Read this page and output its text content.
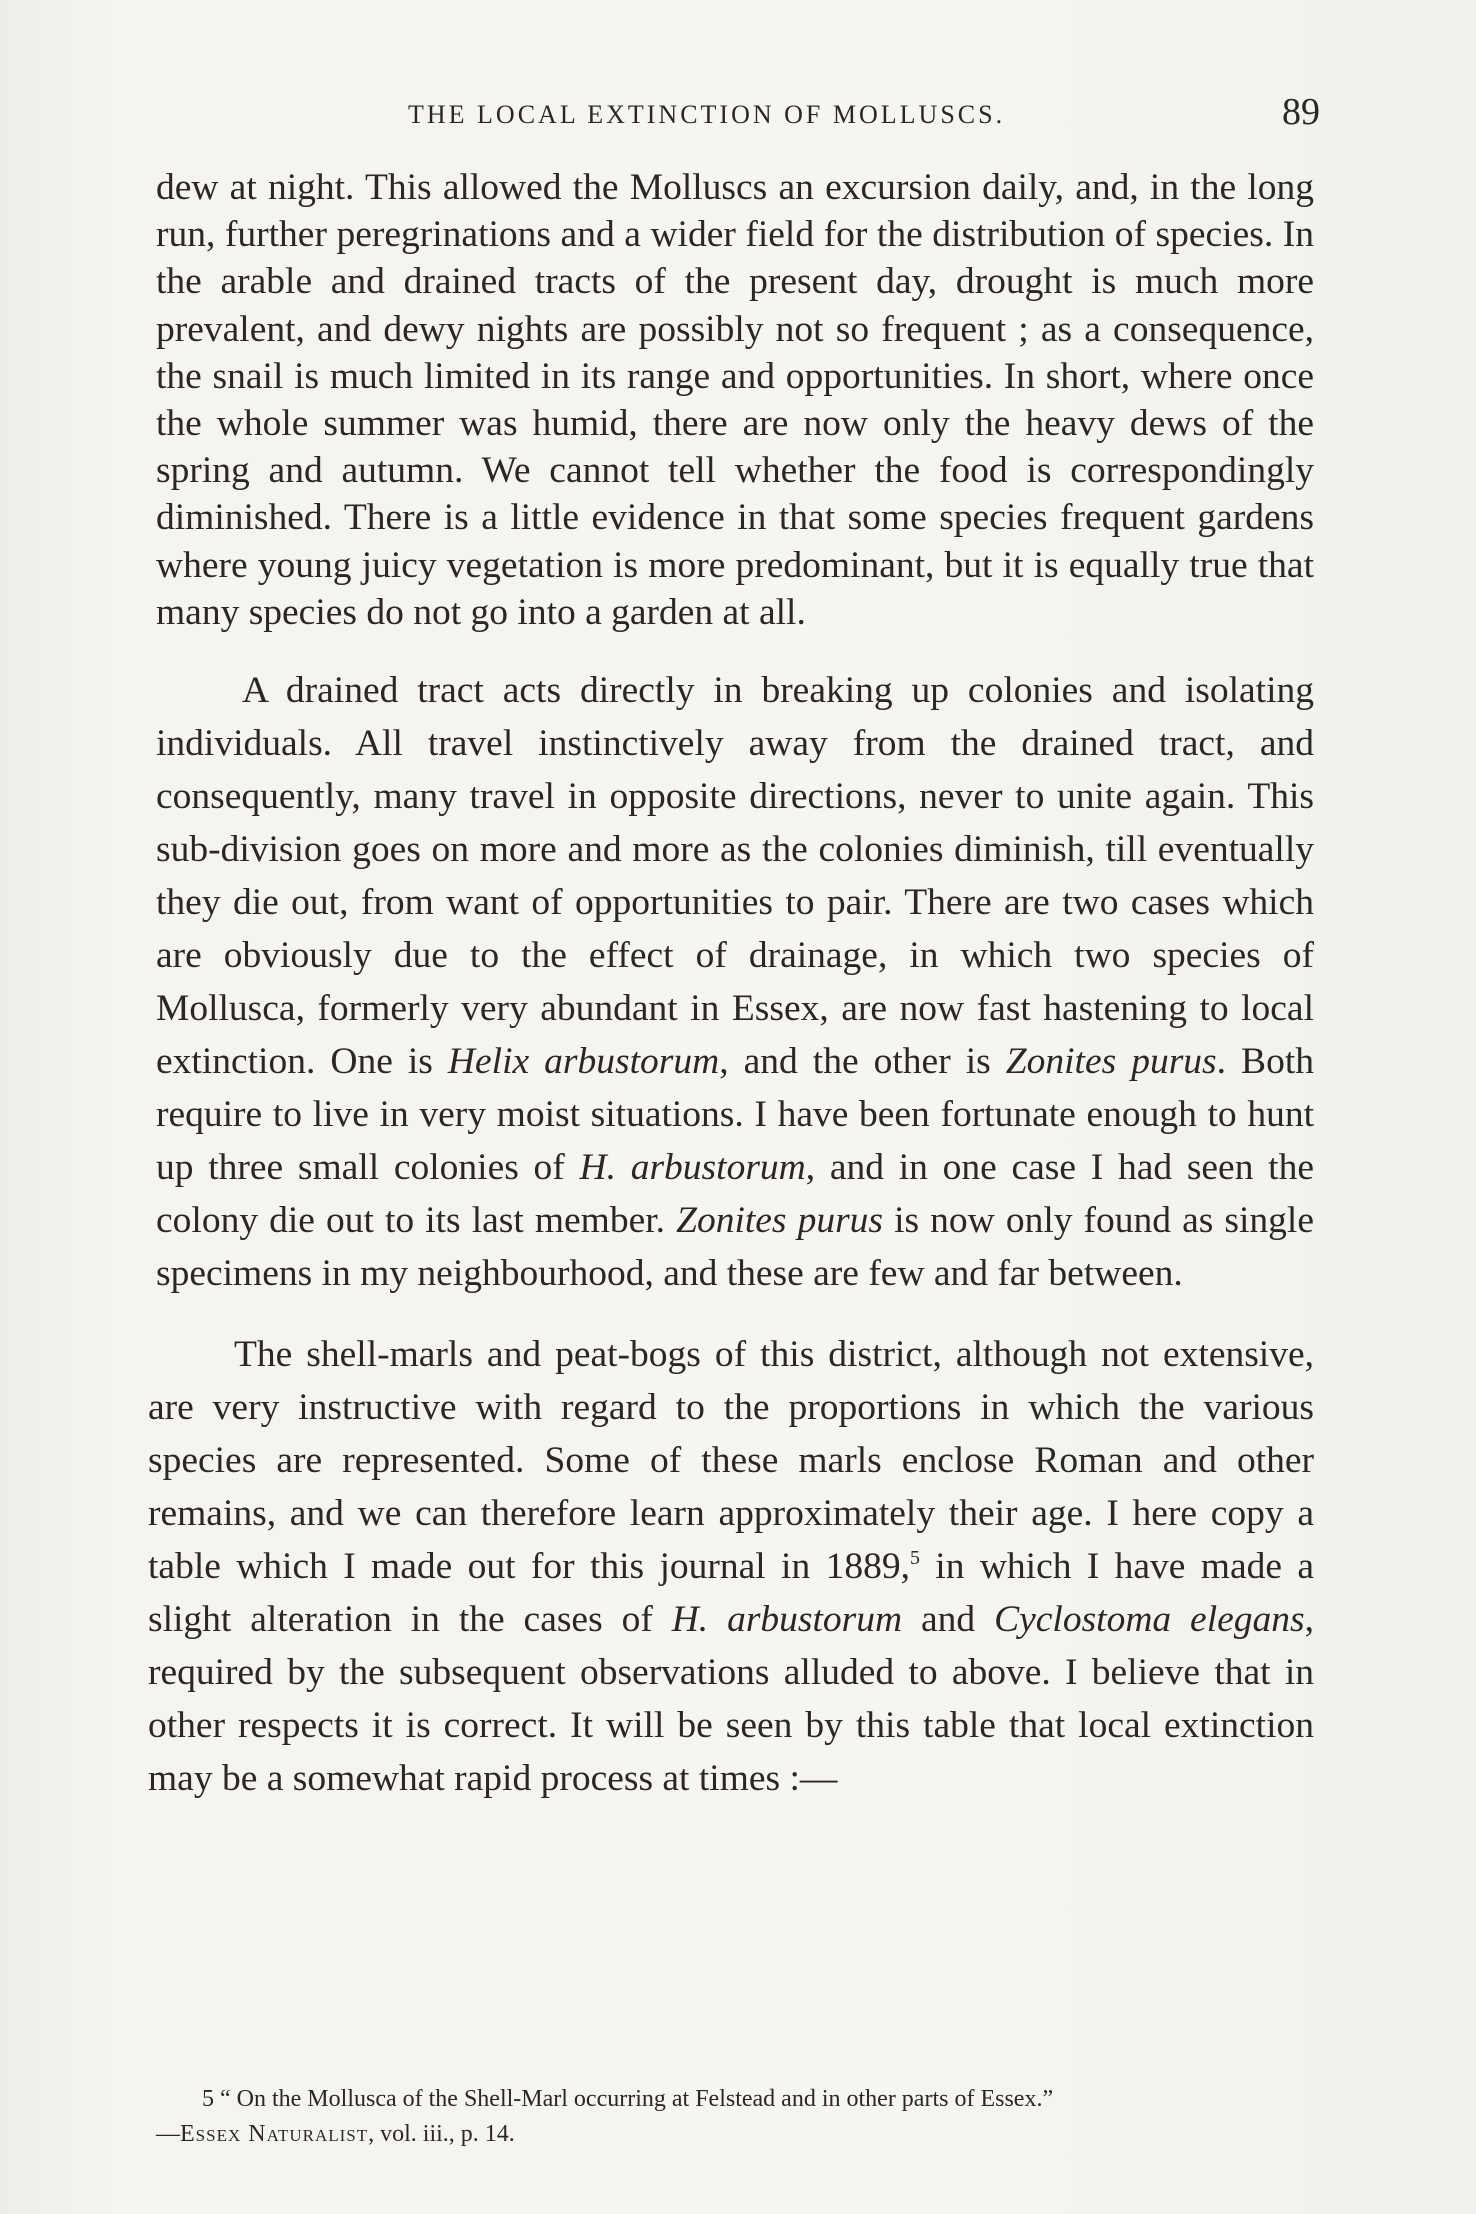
THE LOCAL EXTINCTION OF MOLLUSCS.	89

dew at night. This allowed the Molluscs an excursion daily, and, in the long run, further peregrinations and a wider field for the distribution of species. In the arable and drained tracts of the present day, drought is much more prevalent, and dewy nights are possibly not so frequent ; as a consequence, the snail is much limited in its range and opportunities. In short, where once the whole summer was humid, there are now only the heavy dews of the spring and autumn. We cannot tell whether the food is correspondingly diminished. There is a little evidence in that some species frequent gardens where young juicy vegetation is more predominant, but it is equally true that many species do not go into a garden at all.

A drained tract acts directly in breaking up colonies and isolating individuals. All travel instinctively away from the drained tract, and consequently, many travel in opposite directions, never to unite again. This sub-division goes on more and more as the colonies diminish, till eventually they die out, from want of opportunities to pair. There are two cases which are obviously due to the effect of drainage, in which two species of Mollusca, formerly very abundant in Essex, are now fast hastening to local extinction. One is Helix arbustorum, and the other is Zonites purus. Both require to live in very moist situations. I have been fortunate enough to hunt up three small colonies of H. arbustorum, and in one case I had seen the colony die out to its last member. Zonites purus is now only found as single specimens in my neighbourhood, and these are few and far between.

The shell-marls and peat-bogs of this district, although not extensive, are very instructive with regard to the proportions in which the various species are represented. Some of these marls enclose Roman and other remains, and we can therefore learn approximately their age. I here copy a table which I made out for this journal in 1889,$^5$ in which I have made a slight alteration in the cases of H. arbustorum and Cyclostoma elegans, required by the subsequent observations alluded to above. I believe that in other respects it is correct. It will be seen by this table that local extinction may be a somewhat rapid process at times :—

5 “ On the Mollusca of the Shell-Marl occurring at Felstead and in other parts of Essex.”

—Essex Naturalist, vol. iii., p. 14.
